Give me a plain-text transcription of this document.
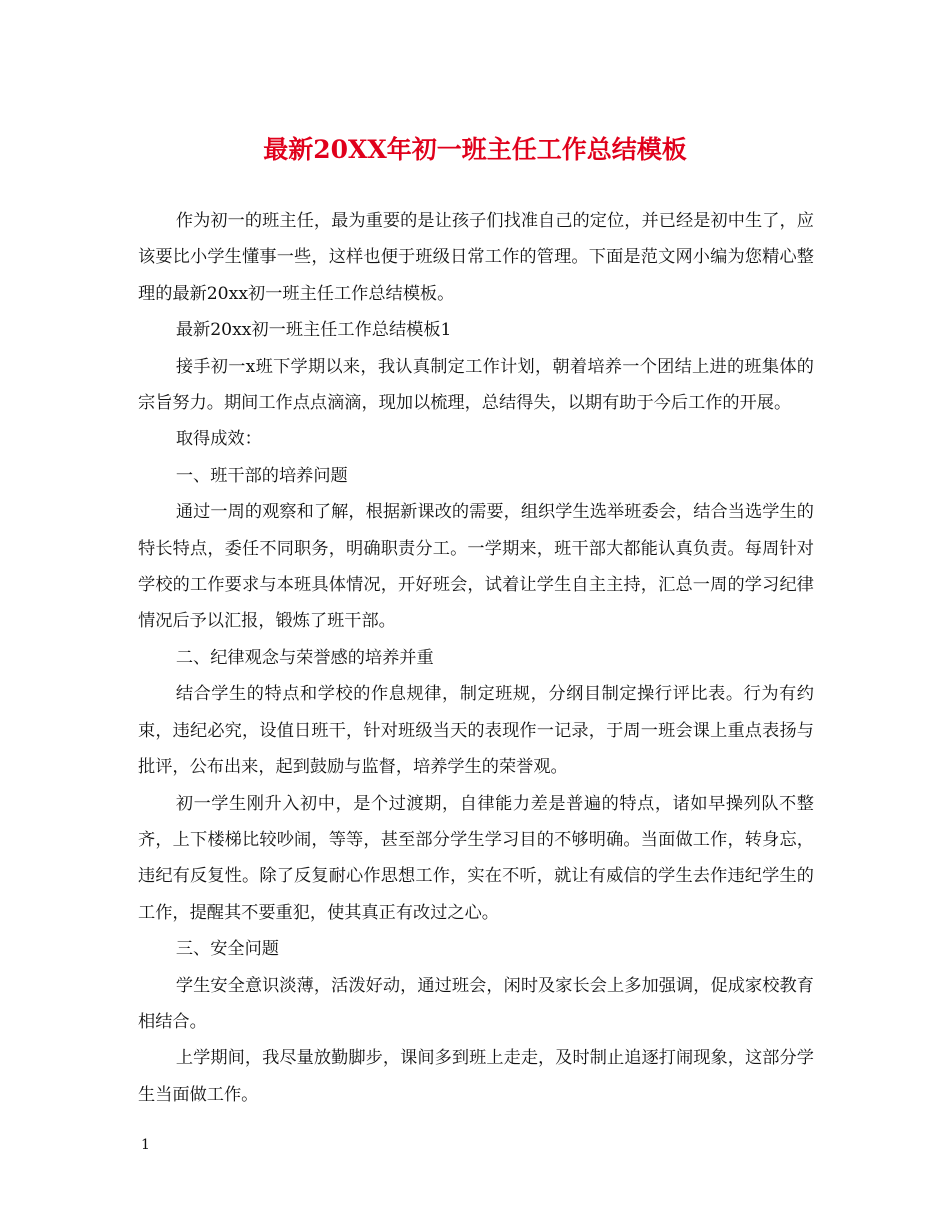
最新20XX年初一班主任工作总结模板

作为初一的班主任，最为重要的是让孩子们找准自己的定位，并已经是初中生了，应该要比小学生懂事一些，这样也便于班级日常工作的管理。下面是范文网小编为您精心整理的最新20xx初一班主任工作总结模板。

最新20xx初一班主任工作总结模板1

接手初一x班下学期以来，我认真制定工作计划，朝着培养一个团结上进的班集体的宗旨努力。期间工作点点滴滴，现加以梳理，总结得失，以期有助于今后工作的开展。

取得成效：

一、班干部的培养问题

通过一周的观察和了解，根据新课改的需要，组织学生选举班委会，结合当选学生的特长特点，委任不同职务，明确职责分工。一学期来，班干部大都能认真负责。每周针对学校的工作要求与本班具体情况，开好班会，试着让学生自主主持，汇总一周的学习纪律情况后予以汇报，锻炼了班干部。

二、纪律观念与荣誉感的培养并重

结合学生的特点和学校的作息规律，制定班规，分纲目制定操行评比表。行为有约束，违纪必究，设值日班干，针对班级当天的表现作一记录，于周一班会课上重点表扬与批评，公布出来，起到鼓励与监督，培养学生的荣誉观。

初一学生刚升入初中，是个过渡期，自律能力差是普遍的特点，诸如早操列队不整齐，上下楼梯比较吵闹，等等，甚至部分学生学习目的不够明确。当面做工作，转身忘，违纪有反复性。除了反复耐心作思想工作，实在不听，就让有威信的学生去作违纪学生的工作，提醒其不要重犯，使其真正有改过之心。

三、安全问题

学生安全意识淡薄，活泼好动，通过班会，闲时及家长会上多加强调，促成家校教育相结合。

上学期间，我尽量放勤脚步，课间多到班上走走，及时制止追逐打闹现象，这部分学生当面做工作。

1
